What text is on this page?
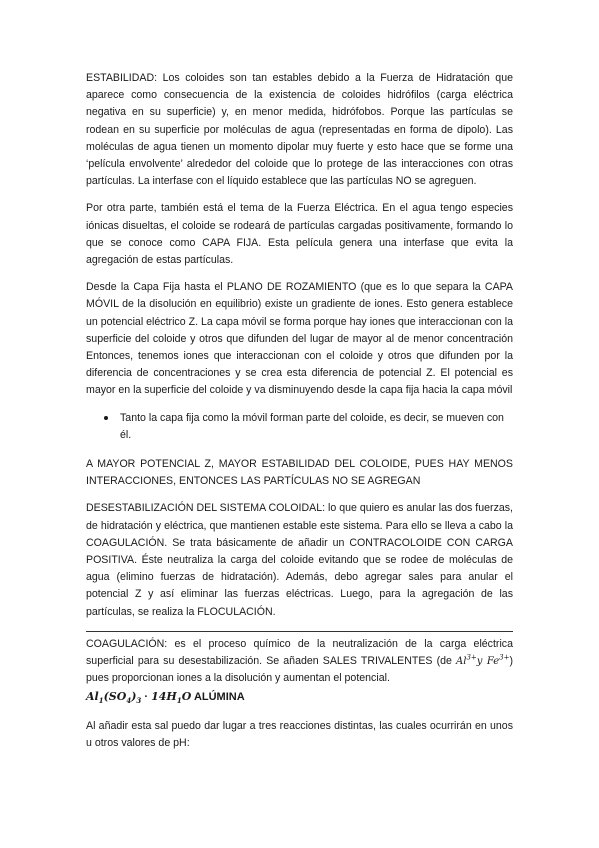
ESTABILIDAD: Los coloides son tan estables debido a la Fuerza de Hidratación que aparece como consecuencia de la existencia de coloides hidrófilos (carga eléctrica negativa en su superficie) y, en menor medida, hidrófobos. Porque las partículas se rodean en su superficie por moléculas de agua (representadas en forma de dipolo). Las moléculas de agua tienen un momento dipolar muy fuerte y esto hace que se forme una ‘película envolvente’ alrededor del coloide que lo protege de las interacciones con otras partículas. La interfase con el líquido establece que las partículas NO se agreguen.

Por otra parte, también está el tema de la Fuerza Eléctrica. En el agua tengo especies iónicas disueltas, el coloide se rodeará de partículas cargadas positivamente, formando lo que se conoce como CAPA FIJA. Esta película genera una interfase que evita la agregación de estas partículas.

Desde la Capa Fija hasta el PLANO DE ROZAMIENTO (que es lo que separa la CAPA MÓVIL de la disolución en equilibrio) existe un gradiente de iones. Esto genera establece un potencial eléctrico Z. La capa móvil se forma porque hay iones que interaccionan con la superficie del coloide y otros que difunden del lugar de mayor al de menor concentración Entonces, tenemos iones que interaccionan con el coloide y otros que difunden por la diferencia de concentraciones y se crea esta diferencia de potencial Z. El potencial es mayor en la superficie del coloide y va disminuyendo desde la capa fija hacia la capa móvil

Tanto la capa fija como la móvil forman parte del coloide, es decir, se mueven con él.

A MAYOR POTENCIAL Z, MAYOR ESTABILIDAD DEL COLOIDE, PUES HAY MENOS INTERACCIONES, ENTONCES LAS PARTÍCULAS NO SE AGREGAN

DESESTABILIZACIÓN DEL SISTEMA COLOIDAL: lo que quiero es anular las dos fuerzas, de hidratación y eléctrica, que mantienen estable este sistema. Para ello se lleva a cabo la COAGULACIÓN. Se trata básicamente de añadir un CONTRACOLOIDE CON CARGA POSITIVA. Éste neutraliza la carga del coloide evitando que se rodee de moléculas de agua (elimino fuerzas de hidratación). Además, debo agregar sales para anular el potencial Z y así eliminar las fuerzas eléctricas. Luego, para la agregación de las partículas, se realiza la FLOCULACIÓN.

COAGULACIÓN: es el proceso químico de la neutralización de la carga eléctrica superficial para su desestabilización. Se añaden SALES TRIVALENTES (de $Al^{3+}y$ $Fe^{3+}$) pues proporcionan iones a la disolución y aumentan el potencial.

$Al_1(SO_4)_3 \cdot 14H_1O$ ALÚMINA

Al añadir esta sal puedo dar lugar a tres reacciones distintas, las cuales ocurrirán en unos u otros valores de pH:
